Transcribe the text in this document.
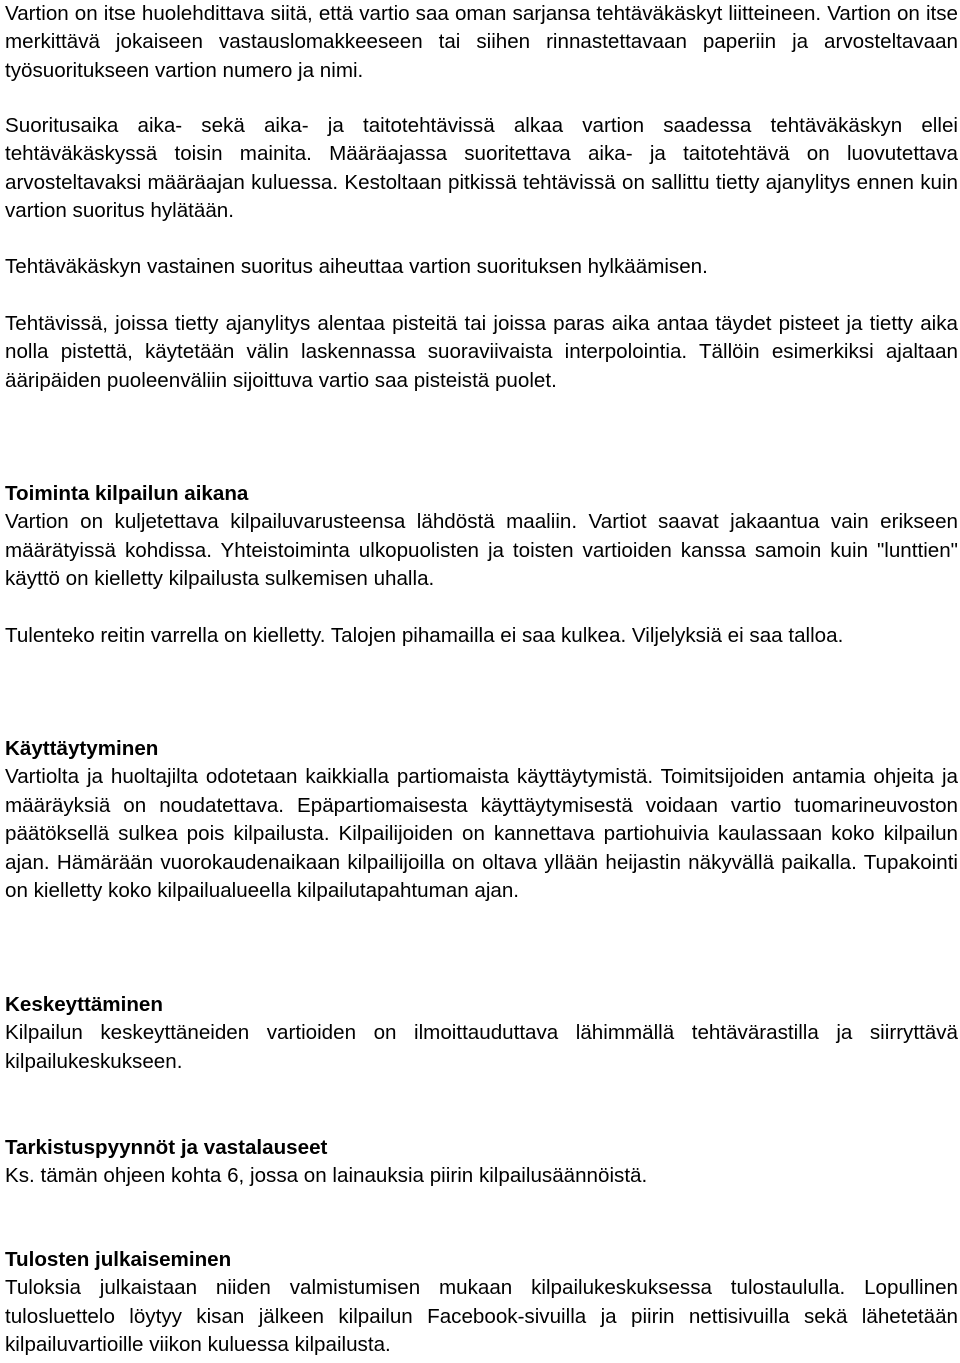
Vartion on itse huolehdittava siitä, että vartio saa oman sarjansa tehtäväkäskyt liitteineen. Vartion on itse merkittävä jokaiseen vastauslomakkeeseen tai siihen rinnastettavaan paperiin ja arvosteltavaan työsuoritukseen vartion numero ja nimi.

Suoritusaika aika- sekä aika- ja taitotehtävissä alkaa vartion saadessa tehtäväkäskyn ellei tehtäväkäskyssä toisin mainita. Määräajassa suoritettava aika- ja taitotehtävä on luovutettava arvosteltavaksi määräajan kuluessa. Kestoltaan pitkissä tehtävissä on sallittu tietty ajanylitys ennen kuin vartion suoritus hylätään.

Tehtäväkäskyn vastainen suoritus aiheuttaa vartion suorituksen hylkäämisen.

Tehtävissä, joissa tietty ajanylitys alentaa pisteitä tai joissa paras aika antaa täydet pisteet ja tietty aika nolla pistettä, käytetään välin laskennassa suoraviivaista interpolointia. Tällöin esimerkiksi ajaltaan ääripäiden puoleenväliin sijoittuva vartio saa pisteistä puolet.

Toiminta kilpailun aikana
Vartion on kuljetettava kilpailuvarusteensa lähdöstä maaliin. Vartiot saavat jakaantua vain erikseen määrätyissä kohdissa. Yhteistoiminta ulkopuolisten ja toisten vartioiden kanssa samoin kuin "lunttien" käyttö on kielletty kilpailusta sulkemisen uhalla.

Tulenteko reitin varrella on kielletty. Talojen pihamailla ei saa kulkea. Viljelyksiä ei saa talloa.

Käyttäytyminen
Vartiolta ja huoltajilta odotetaan kaikkialla partiomaista käyttäytymistä. Toimitsijoiden antamia ohjeita ja määräyksiä on noudatettava. Epäpartiomaisesta käyttäytymisestä voidaan vartio tuomarineuvoston päätöksellä sulkea pois kilpailusta. Kilpailijoiden on kannettava partiohuivia kaulassaan koko kilpailun ajan. Hämärään vuorokaudenaikaan kilpailijoilla on oltava yllään heijastin näkyvällä paikalla. Tupakointi on kielletty koko kilpailualueella kilpailutapahtuman ajan.
Keskeyttäminen
Kilpailun keskeyttäneiden vartioiden on ilmoittauduttava lähimmällä tehtävärastilla ja siirryttävä kilpailukeskukseen.
Tarkistuspyynnöt ja vastalauseet
Ks. tämän ohjeen kohta 6, jossa on lainauksia piirin kilpailusäännöistä.
Tulosten julkaiseminen
Tuloksia julkaistaan niiden valmistumisen mukaan kilpailukeskuksessa tulostaululla. Lopullinen tulosluettelo löytyy kisan jälkeen kilpailun Facebook-sivuilla ja piirin nettisivuilla sekä lähetetään kilpailuvartioille viikon kuluessa kilpailusta.
